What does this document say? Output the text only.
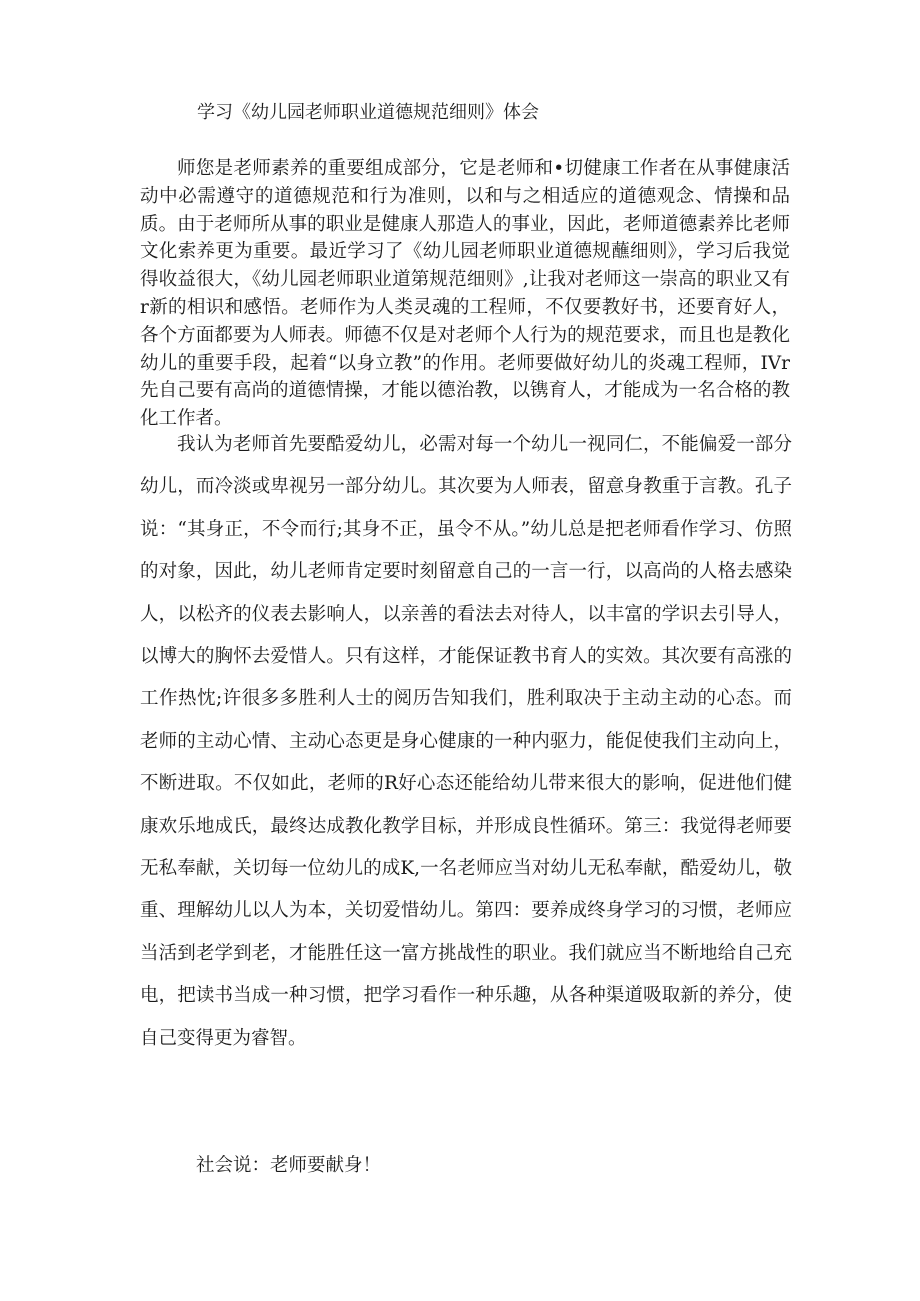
学习《幼儿园老师职业道德规范细则》体会

师您是老师素养的重要组成部分，它是老师和•切健康工作者在从事健康活动中必需遵守的道德规范和行为准则，以和与之相适应的道德观念、情操和品质。由于老师所从事的职业是健康人那造人的事业，因此，老师道德素养比老师文化索养更为重要。最近学习了《幼儿园老师职业道德规蘸细则》，学习后我觉得收益很大，《幼儿园老师职业道第规范细则》,让我对老师这一崇高的职业又有r新的相识和感悟。老师作为人类灵魂的工程师，不仅要教好书，还要育好人，各个方面都要为人师表。师德不仅是对老师个人行为的规范要求，而且也是教化幼儿的重要手段，起着“以身立教”的作用。老师要做好幼儿的炎魂工程师，IVr先自己要有高尚的道德情操，才能以德治教，以镌育人，才能成为一名合格的教化工作者。

我认为老师首先要酷爱幼儿，必需对每一个幼儿一视同仁，不能偏爱一部分幼儿，而冷淡或卑视另一部分幼儿。其次要为人师表，留意身教重于言教。孔子说：“其身正，不令而行;其身不正，虽令不从。”幼儿总是把老师看作学习、仿照的对象，因此，幼儿老师肯定要时刻留意自己的一言一行，以高尚的人格去感染人，以松齐的仪表去影响人，以亲善的看法去对待人，以丰富的学识去引导人，以博大的胸怀去爱惜人。只有这样，才能保证教书育人的实效。其次要有高涨的工作热忱;许很多多胜利人士的阅历告知我们，胜利取决于主动主动的心态。而老师的主动心情、主动心态更是身心健康的一种内驱力，能促使我们主动向上，不断进取。不仅如此，老师的R好心态还能给幼儿带来很大的影响，促进他们健康欢乐地成氏，最终达成教化教学目标，并形成良性循环。第三：我觉得老师要无私奉献，关切每一位幼儿的成K,一名老师应当对幼儿无私奉献，酷爱幼儿，敬重、理解幼儿以人为本，关切爱惜幼儿。第四：要养成终身学习的习惯，老师应当活到老学到老，才能胜任这一富方挑战性的职业。我们就应当不断地给自己充电，把读书当成一种习惯，把学习看作一种乐趣，从各种渠道吸取新的养分，使自己变得更为睿智。

社会说：老师要献身！
